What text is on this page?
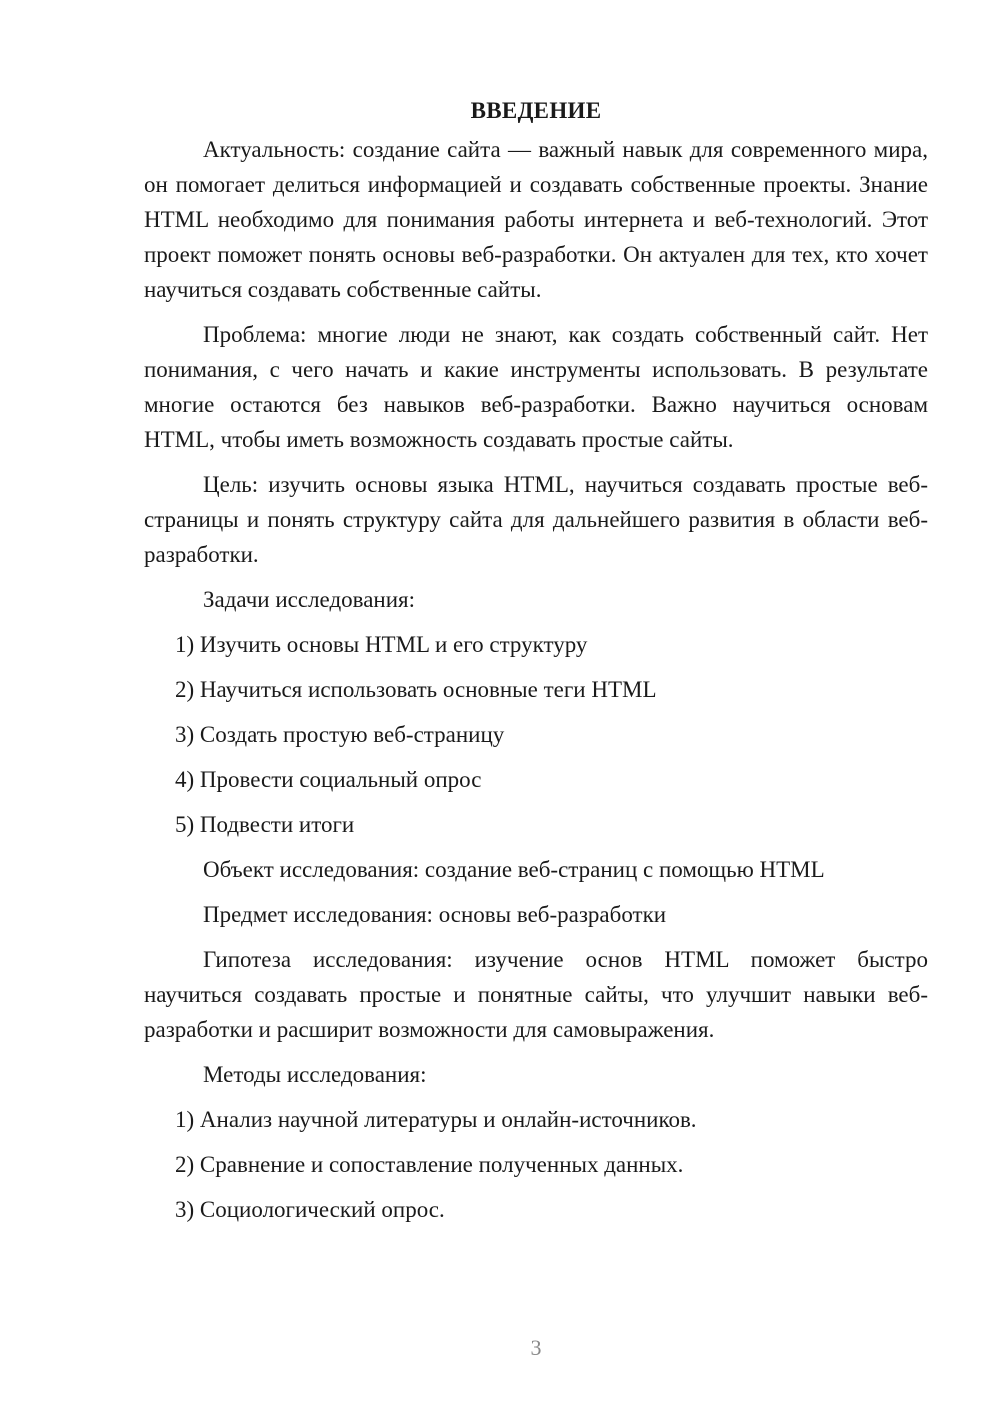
ВВЕДЕНИЕ

Актуальность: создание сайта — важный навык для современного мира, он помогает делиться информацией и создавать собственные проекты. Знание HTML необходимо для понимания работы интернета и веб-технологий. Этот проект поможет понять основы веб-разработки. Он актуален для тех, кто хочет научиться создавать собственные сайты.

Проблема: многие люди не знают, как создать собственный сайт. Нет понимания, с чего начать и какие инструменты использовать. В результате многие остаются без навыков веб-разработки. Важно научиться основам HTML, чтобы иметь возможность создавать простые сайты.

Цель: изучить основы языка HTML, научиться создавать простые веб-страницы и понять структуру сайта для дальнейшего развития в области веб-разработки.

Задачи исследования:

1) Изучить основы HTML и его структуру
2) Научиться использовать основные теги HTML
3) Создать простую веб-страницу
4) Провести социальный опрос
5) Подвести итоги

Объект исследования: создание веб-страниц с помощью HTML

Предмет исследования: основы веб-разработки

Гипотеза исследования: изучение основ HTML поможет быстро научиться создавать простые и понятные сайты, что улучшит навыки веб-разработки и расширит возможности для самовыражения.

Методы исследования:

1) Анализ научной литературы и онлайн-источников.
2) Сравнение и сопоставление полученных данных.
3) Социологический опрос.
3
